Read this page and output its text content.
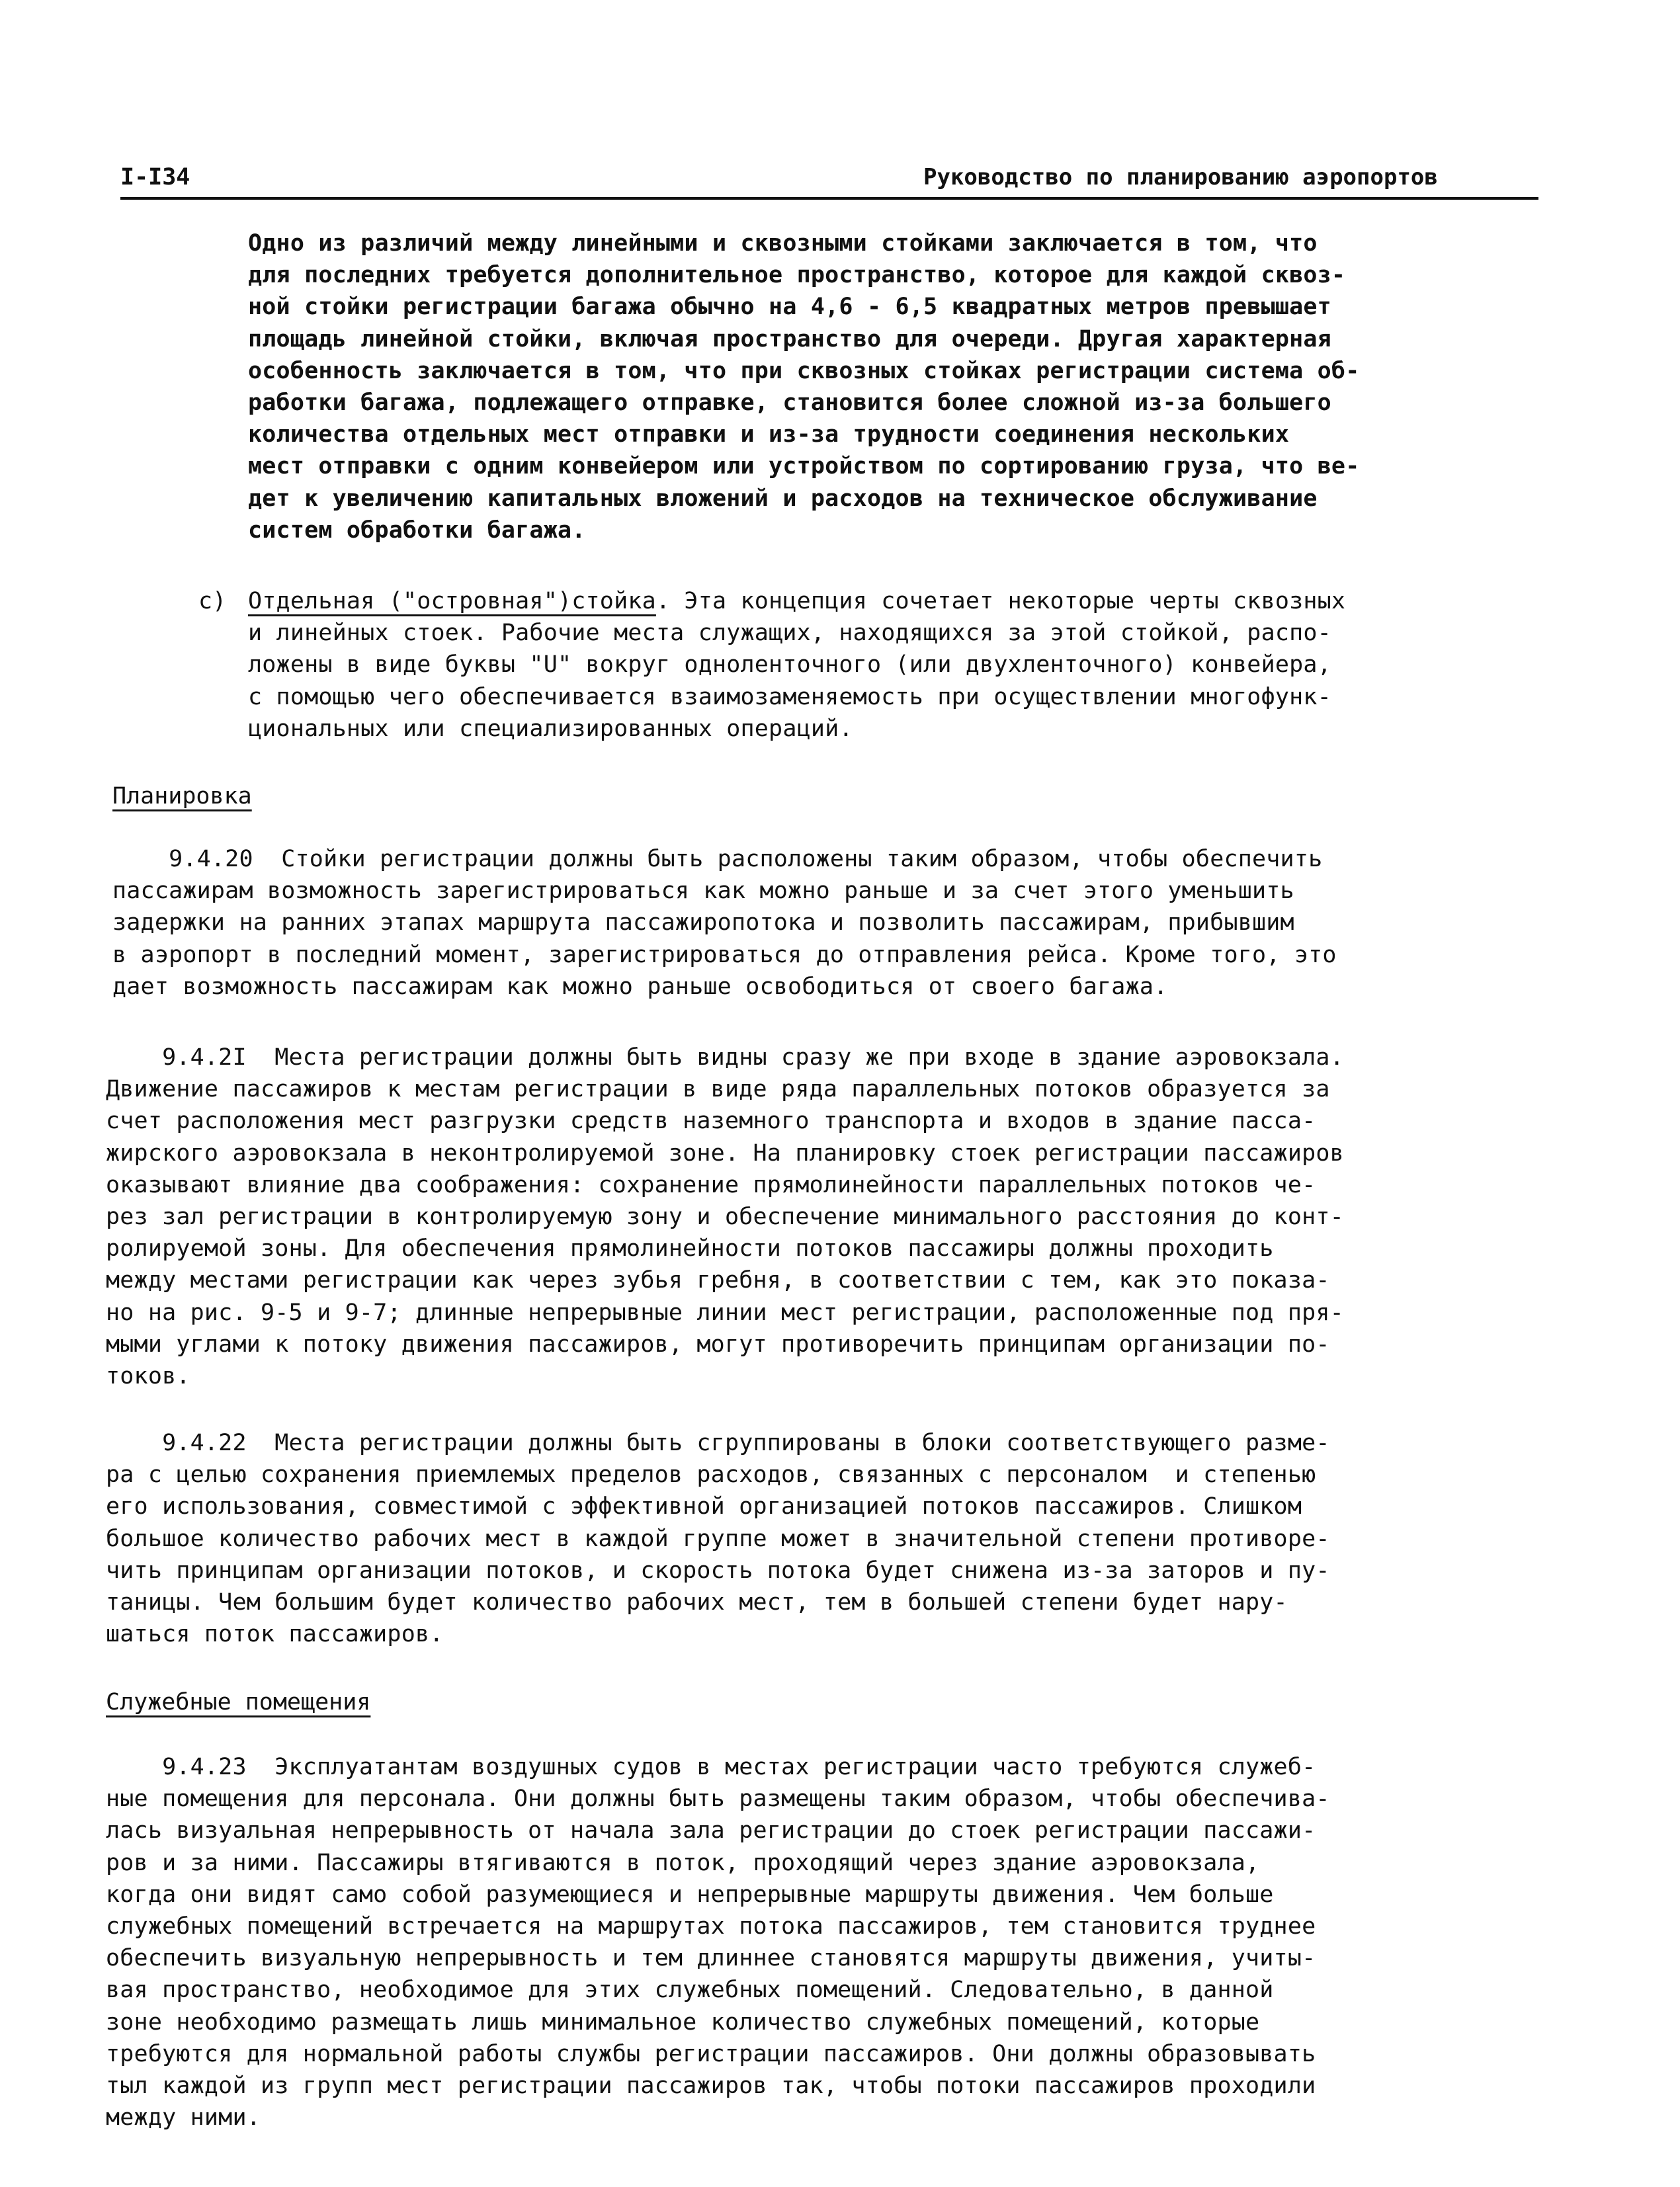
I-I34	Руководство по планированию аэропортов
Одно из различий между линейными и сквозными стойками заключается в том, что
для последних требуется дополнительное пространство, которое для каждой сквоз-
ной стойки регистрации багажа обычно на 4,6 - 6,5 квадратных метров превышает
площадь линейной стойки, включая пространство для очереди. Другая характерная
особенность заключается в том, что при сквозных стойках регистрации система об-
работки багажа, подлежащего отправке, становится более сложной из-за большего
количества отдельных мест отправки и из-за трудности соединения нескольких
мест отправки с одним конвейером или устройством по сортированию груза, что ве-
дет к увеличению капитальных вложений и расходов на техническое обслуживание
систем обработки багажа.
c) Отдельная ("островная")стойка. Эта концепция сочетает некоторые черты сквозных
и линейных стоек. Рабочие места служащих, находящихся за этой стойкой, распо-
ложены в виде буквы "U" вокруг одноленточного (или двухленточного) конвейера,
с помощью чего обеспечивается взаимозаменяемость при осуществлении многофунк-
циональных или специализированных операций.
Планировка
9.4.20  Стойки регистрации должны быть расположены таким образом, чтобы обеспечить
пассажирам возможность зарегистрироваться как можно раньше и за счет этого уменьшить
задержки на ранних этапах маршрута пассажиропотока и позволить пассажирам, прибывшим
в аэропорт в последний момент, зарегистрироваться до отправления рейса. Кроме того, это
дает возможность пассажирам как можно раньше освободиться от своего багажа.
9.4.2I  Места регистрации должны быть видны сразу же при входе в здание аэровокзала.
Движение пассажиров к местам регистрации в виде ряда параллельных потоков образуется за
счет расположения мест разгрузки средств наземного транспорта и входов в здание пасса-
жирского аэровокзала в неконтролируемой зоне. На планировку стоек регистрации пассажиров
оказывают влияние два соображения: сохранение прямолинейности параллельных потоков че-
рез зал регистрации в контролируемую зону и обеспечение минимального расстояния до конт-
ролируемой зоны. Для обеспечения прямолинейности потоков пассажиры должны проходить
между местами регистрации как через зубья гребня, в соответствии с тем, как это показа-
но на рис. 9-5 и 9-7; длинные непрерывные линии мест регистрации, расположенные под пря-
мыми углами к потоку движения пассажиров, могут противоречить принципам организации по-
токов.
9.4.22  Места регистрации должны быть сгруппированы в блоки соответствующего разме-
ра с целью сохранения приемлемых пределов расходов, связанных с персоналом  и степенью
его использования, совместимой с эффективной организацией потоков пассажиров. Слишком
большое количество рабочих мест в каждой группе может в значительной степени противоре-
чить принципам организации потоков, и скорость потока будет снижена из-за заторов и пу-
таницы. Чем большим будет количество рабочих мест, тем в большей степени будет нару-
шаться поток пассажиров.
Служебные помещения
9.4.23  Эксплуатантам воздушных судов в местах регистрации часто требуются служеб-
ные помещения для персонала. Они должны быть размещены таким образом, чтобы обеспечива-
лась визуальная непрерывность от начала зала регистрации до стоек регистрации пассажи-
ров и за ними. Пассажиры втягиваются в поток, проходящий через здание аэровокзала,
когда они видят само собой разумеющиеся и непрерывные маршруты движения. Чем больше
служебных помещений встречается на маршрутах потока пассажиров, тем становится труднее
обеспечить визуальную непрерывность и тем длиннее становятся маршруты движения, учиты-
вая пространство, необходимое для этих служебных помещений. Следовательно, в данной
зоне необходимо размещать лишь минимальное количество служебных помещений, которые
требуются для нормальной работы службы регистрации пассажиров. Они должны образовывать
тыл каждой из групп мест регистрации пассажиров так, чтобы потоки пассажиров проходили
между ними.
